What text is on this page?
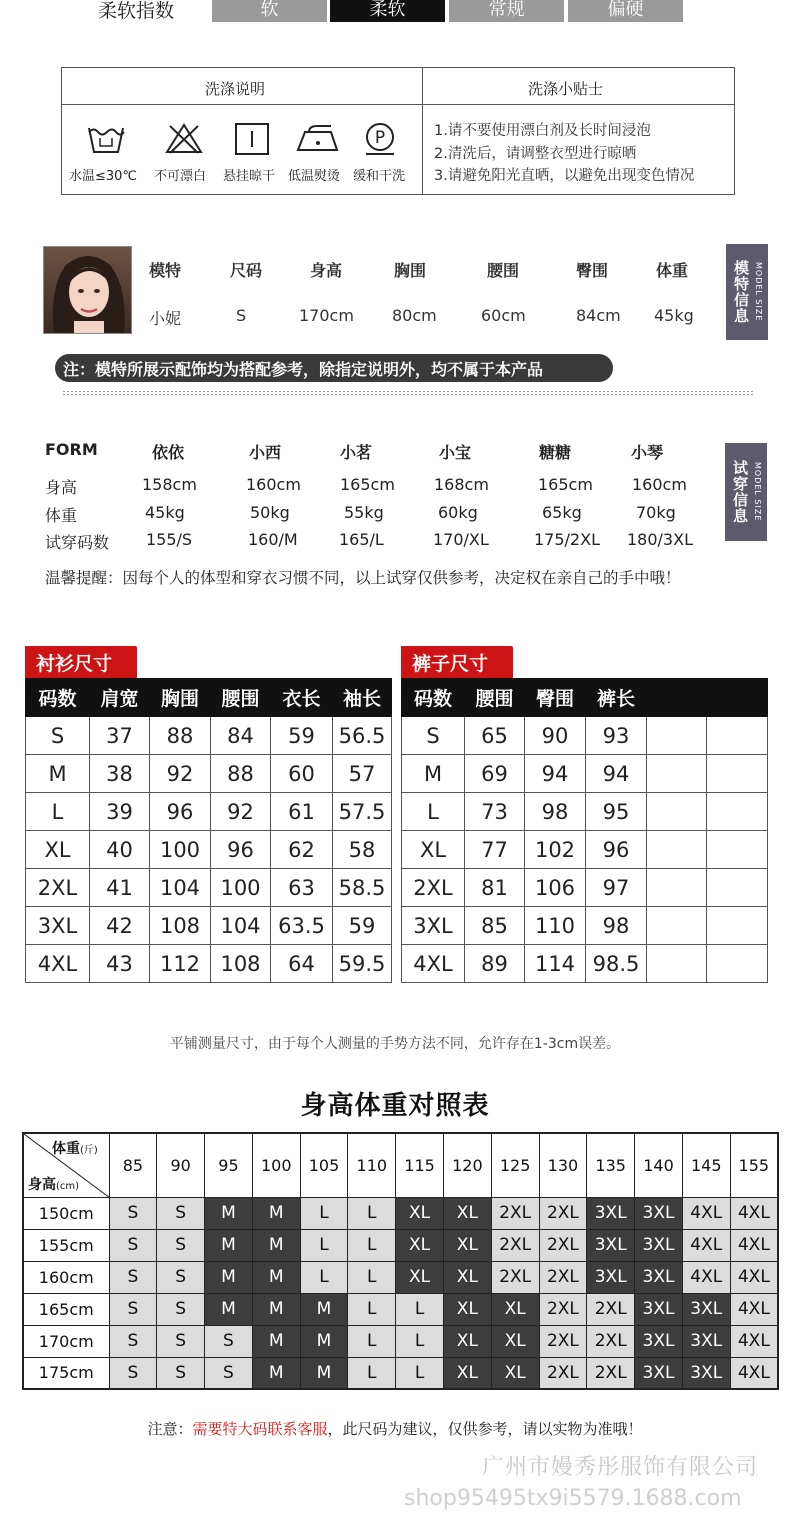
柔软指数	软	柔软	常规	偏硬
洗涤说明	洗涤小贴士
P
水温≤30℃ 不可漂白 悬挂晾干 低温熨烫 缓和干洗
1.请不要使用漂白剂及长时间浸泡
2.清洗后，请调整衣型进行晾晒
3.请避免阳光直晒，以避免出现变色情况
模特	尺码	身高	胸围	腰围	臀围	体重
小妮	S	170cm 80cm	60cm	84cm 45kg	模特信息 MODEL SIZE
注：模特所展示配饰均为搭配参考，除指定说明外，均不属于本产品
FORM	依依	小西	小茗	小宝	糖糖	小琴
身高	158cm	160cm 165cm 168cm	165cm 160cm
体重	45kg	50kg	55kg	60kg	65kg	70kg
试穿码数 155/S	160/M	165/L	170/XL	175/2XL 180/3XL
试穿信息 MODEL SIZE
温馨提醒：因每个人的体型和穿衣习惯不同，以上试穿仅供参考，决定权在亲自己的手中哦！
衬衫尺寸
码数	肩宽	胸围	腰围	衣长	袖长
S	37	88	84	59	56.5
M	38	92	88	60	57
L	39	96	92	61	57.5
XL	40	100	96	62	58
2XL	41	104	100	63	58.5
3XL	42	108	104	63.5	59
4XL	43	112	108	64	59.5
裤子尺寸
码数	腰围	臀围	裤长		
S	65	90	93		
M	69	94	94		
L	73	98	95		
XL	77	102	96		
2XL	81	106	97		
3XL	85	110	98		
4XL	89	114	98.5		
平铺测量尺寸，由于每个人测量的手势方法不同，允许存在1-3cm误差。
身高体重对照表
体重(斤)
身高(cm)	85	90	95	100	105	110	115	120	125	130	135	140	145	155
150cm	S	S	M	M	L	L	XL	XL	2XL	2XL	3XL	3XL	4XL	4XL
155cm	S	S	M	M	L	L	XL	XL	2XL	2XL	3XL	3XL	4XL	4XL
160cm	S	S	M	M	L	L	XL	XL	2XL	2XL	3XL	3XL	4XL	4XL
165cm	S	S	M	M	M	L	L	XL	XL	2XL	2XL	3XL	3XL	4XL
170cm	S	S	S	M	M	L	L	XL	XL	2XL	2XL	3XL	3XL	4XL
175cm	S	S	S	M	M	L	L	XL	XL	2XL	2XL	3XL	3XL	4XL
注意：需要特大码联系客服，此尺码为建议，仅供参考，请以实物为准哦！
广州市嫚秀彤服饰有限公司
shop95495tx9i5579.1688.com
